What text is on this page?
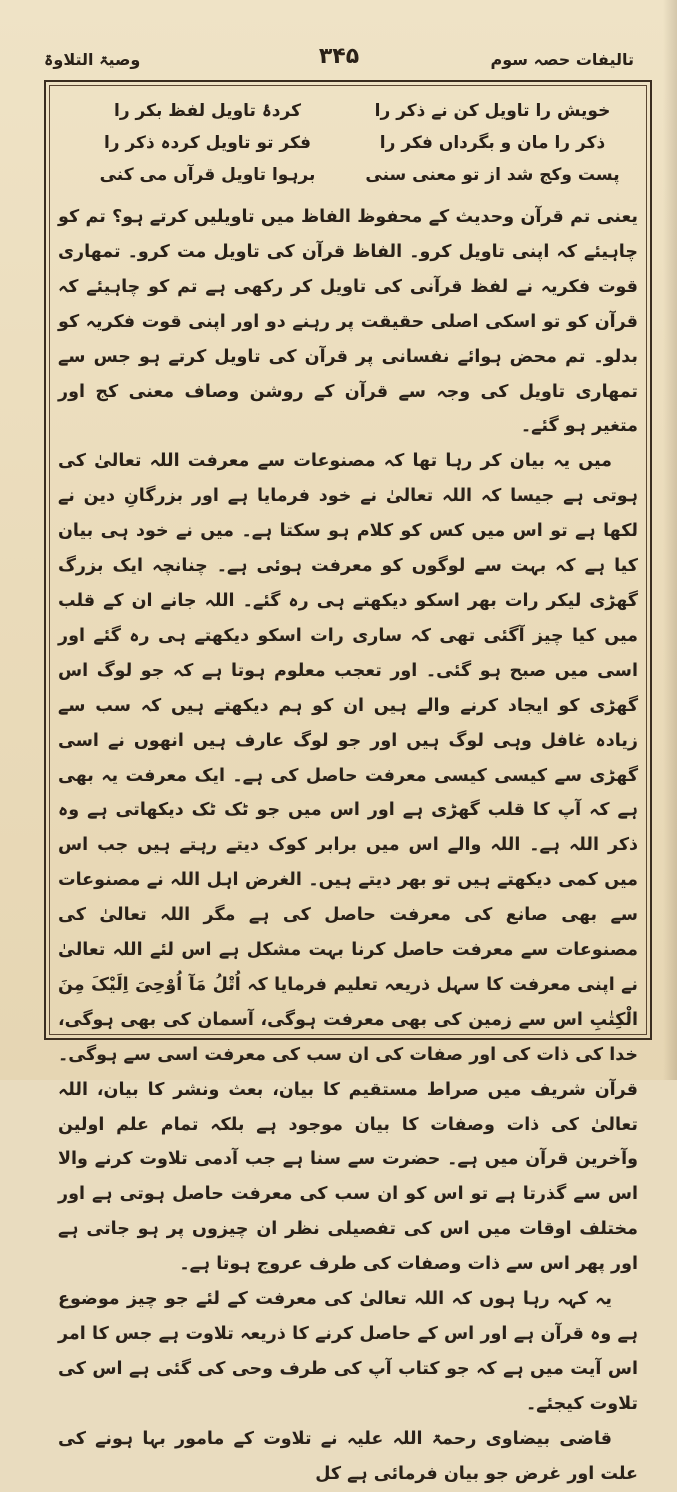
تالیفات حصہ سوم
۳۴۵
وصیۃ التلاوۃ
خویش را تاویل کن نے ذکر را
کردۂ تاویل لفظ بکر را
ذکر را مان و بگرداں فکر را
فکر تو تاویل کردہ ذکر را
پست وکج شد از تو معنی سنی
برہوا تاویل قرآں می کنی

یعنی تم قرآن وحدیث کے محفوظ الفاظ میں تاویلیں کرتے ہو؟ تم کو چاہیئے کہ اپنی تاویل کرو۔ الفاظ قرآن کی تاویل مت کرو۔ تمھاری قوت فکریہ نے لفظ قرآنی کی تاویل کر رکھی ہے تم کو چاہیئے کہ قرآن کو تو اسکی اصلی حقیقت پر رہنے دو اور اپنی قوت فکریہ کو بدلو۔ تم محض ہوائے نفسانی پر قرآن کی تاویل کرتے ہو جس سے تمھاری تاویل کی وجہ سے قرآن کے روشن وصاف معنی کج اور متغیر ہو گئے۔

میں یہ بیان کر رہا تھا کہ مصنوعات سے معرفت اللہ تعالیٰ کی ہوتی ہے جیسا کہ اللہ تعالیٰ نے خود فرمایا ہے اور بزرگانِ دین نے لکھا ہے تو اس میں کس کو کلام ہو سکتا ہے۔ میں نے خود ہی بیان کیا ہے کہ بہت سے لوگوں کو معرفت ہوئی ہے۔ چنانچہ ایک بزرگ گھڑی لیکر رات بھر اسکو دیکھتے ہی رہ گئے۔ اللہ جانے ان کے قلب میں کیا چیز آگئی تھی کہ ساری رات اسکو دیکھتے ہی رہ گئے اور اسی میں صبح ہو گئی۔ اور تعجب معلوم ہوتا ہے کہ جو لوگ اس گھڑی کو ایجاد کرنے والے ہیں ان کو ہم دیکھتے ہیں کہ سب سے زیادہ غافل وہی لوگ ہیں اور جو لوگ عارف ہیں انھوں نے اسی گھڑی سے کیسی کیسی معرفت حاصل کی ہے۔ ایک معرفت یہ بھی ہے کہ آپ کا قلب گھڑی ہے اور اس میں جو ٹک ٹک دیکھاتی ہے وہ ذکر اللہ ہے۔ اللہ والے اس میں برابر کوک دیتے رہتے ہیں جب اس میں کمی دیکھتے ہیں تو بھر دیتے ہیں۔ الغرض اہل اللہ نے مصنوعات سے بھی صانع کی معرفت حاصل کی ہے مگر اللہ تعالیٰ کی مصنوعات سے معرفت حاصل کرنا بہت مشکل ہے اس لئے اللہ تعالیٰ نے اپنی معرفت کا سہل ذریعہ تعلیم فرمایا کہ اُتْلُ مَآ اُوْحِیَ اِلَیْکَ مِنَ الْکِتٰبِ اس سے زمین کی بھی معرفت ہوگی، آسمان کی بھی ہوگی، خدا کی ذات کی اور صفات کی ان سب کی معرفت اسی سے ہوگی۔ قرآن شریف میں صراط مستقیم کا بیان، بعث ونشر کا بیان، اللہ تعالیٰ کی ذات وصفات کا بیان موجود ہے بلکہ تمام علم اولین وآخرین قرآن میں ہے۔ حضرت سے سنا ہے جب آدمی تلاوت کرنے والا اس سے گذرتا ہے تو اس کو ان سب کی معرفت حاصل ہوتی ہے اور مختلف اوقات میں اس کی تفصیلی نظر ان چیزوں پر ہو جاتی ہے اور پھر اس سے ذات وصفات کی طرف عروج ہوتا ہے۔

یہ کہہ رہا ہوں کہ اللہ تعالیٰ کی معرفت کے لئے جو چیز موضوع ہے وہ قرآن ہے اور اس کے حاصل کرنے کا ذریعہ تلاوت ہے جس کا امر اس آیت میں ہے کہ جو کتاب آپ کی طرف وحی کی گئی ہے اس کی تلاوت کیجئے۔

قاضی بیضاوی رحمۃ اللہ علیہ نے تلاوت کے مامور بہا ہونے کی علت اور غرض جو بیان فرمائی ہے کل
